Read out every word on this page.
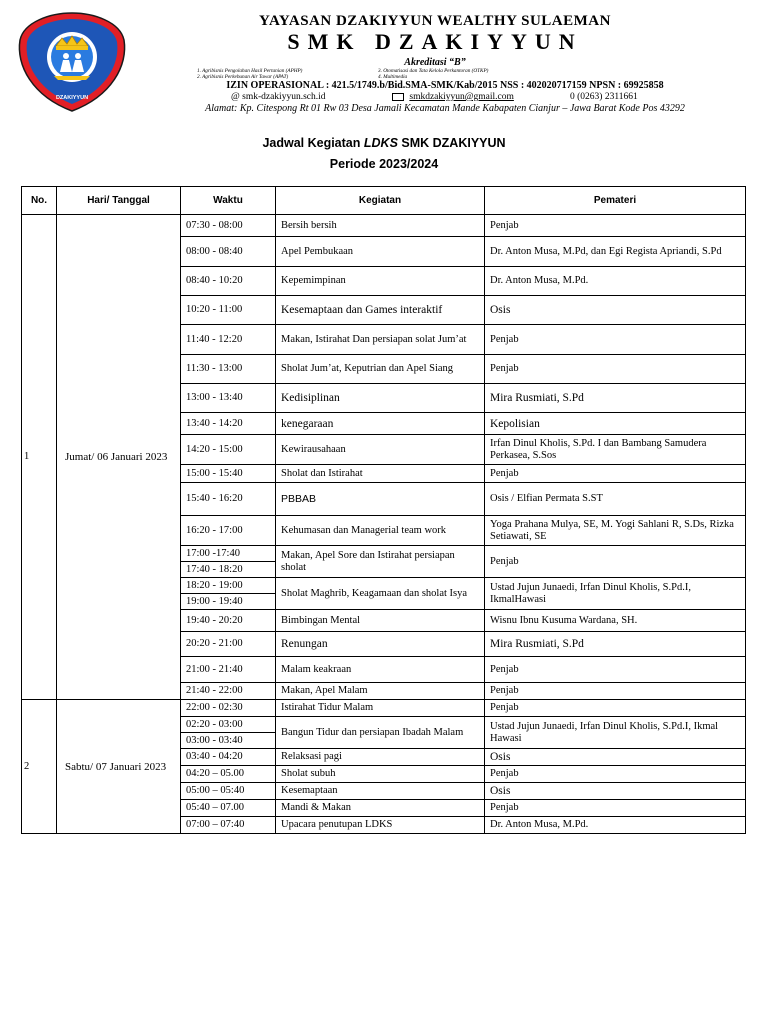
DZAKIYYUN
YAYASAN DZAKIYYUN WEALTHY SULAEMAN
SMK DZAKIYYUN
Akreditasi “B”
1. Agribisnis Pengolahan Hasil Pertanian (APHP)
2. Agribisnis Perkebunan Air Tawar (APAT)
3. Otomatisasi dan Tata Kelola Perkantoran (OTKP)
4. Multimedia
IZIN OPERASIONAL : 421.5/1749.b/Bid.SMA-SMK/Kab/2015 NSS : 402020717159 NPSN : 69925858
@ smk-dzakiyyun.sch.id	smkdzakiyyun@gmail.com	0 (0263) 2311661
Alamat: Kp. Citespong Rt 01 Rw 03 Desa Jamali Kecamatan Mande Kabapaten Cianjur – Jawa Barat Kode Pos 43292
Jadwal Kegiatan LDKS SMK DZAKIYYUN
Periode 2023/2024
No.	Hari/ Tanggal	Waktu	Kegiatan	Pemateri
1	Jumat/ 06 Januari 2023	07:30 - 08:00	Bersih bersih	Penjab
		08:00 - 08:40	Apel Pembukaan	Dr. Anton Musa, M.Pd, dan Egi Regista Apriandi, S.Pd
		08:40 - 10:20	Kepemimpinan	Dr. Anton Musa, M.Pd.
		10:20 - 11:00	Kesemaptaan dan Games interaktif	Osis
		11:40 - 12:20	Makan, Istirahat Dan persiapan solat Jum’at	Penjab
		11:30 - 13:00	Sholat Jum’at, Keputrian dan Apel Siang	Penjab
		13:00 - 13:40	Kedisiplinan	Mira Rusmiati, S.Pd
		13:40 - 14:20	kenegaraan	Kepolisian
		14:20 - 15:00	Kewirausahaan	Irfan Dinul Kholis, S.Pd. I dan Bambang Samudera Perkasea, S.Sos
		15:00 - 15:40	Sholat dan Istirahat	Penjab
		15:40 - 16:20	PBBAB	Osis / Elfian Permata S.ST
		16:20 - 17:00	Kehumasan dan Managerial team work	Yoga Prahana Mulya, SE, M. Yogi Sahlani R, S.Ds, Rizka Setiawati, SE
		17:00 -17:40	Makan, Apel Sore dan Istirahat persiapan sholat	Penjab
		17:40 - 18:20		
		18:20 - 19:00	Sholat Maghrib, Keagamaan dan sholat Isya	Ustad Jujun Junaedi, Irfan Dinul Kholis, S.Pd.I, IkmalHawasi
		19:00 - 19:40		
		19:40 - 20:20	Bimbingan Mental	Wisnu Ibnu Kusuma Wardana, SH.
		20:20 - 21:00	Renungan	Mira Rusmiati, S.Pd
		21:00 - 21:40	Malam keakraan	Penjab
		21:40 - 22:00	Makan, Apel Malam	Penjab
2	Sabtu/ 07 Januari 2023	22:00 - 02:30	Istirahat Tidur Malam	Penjab
		02:20 - 03:00	Bangun Tidur dan persiapan Ibadah Malam	Ustad Jujun Junaedi, Irfan Dinul Kholis, S.Pd.I, Ikmal Hawasi
		03:00 - 03:40		
		03:40 - 04:20	Relaksasi pagi	Osis
		04:20 – 05.00	Sholat subuh	Penjab
		05:00 – 05:40	Kesemaptaan	Osis
		05:40 – 07.00	Mandi & Makan	Penjab
		07:00 – 07:40	Upacara penutupan LDKS	Dr. Anton Musa, M.Pd.
